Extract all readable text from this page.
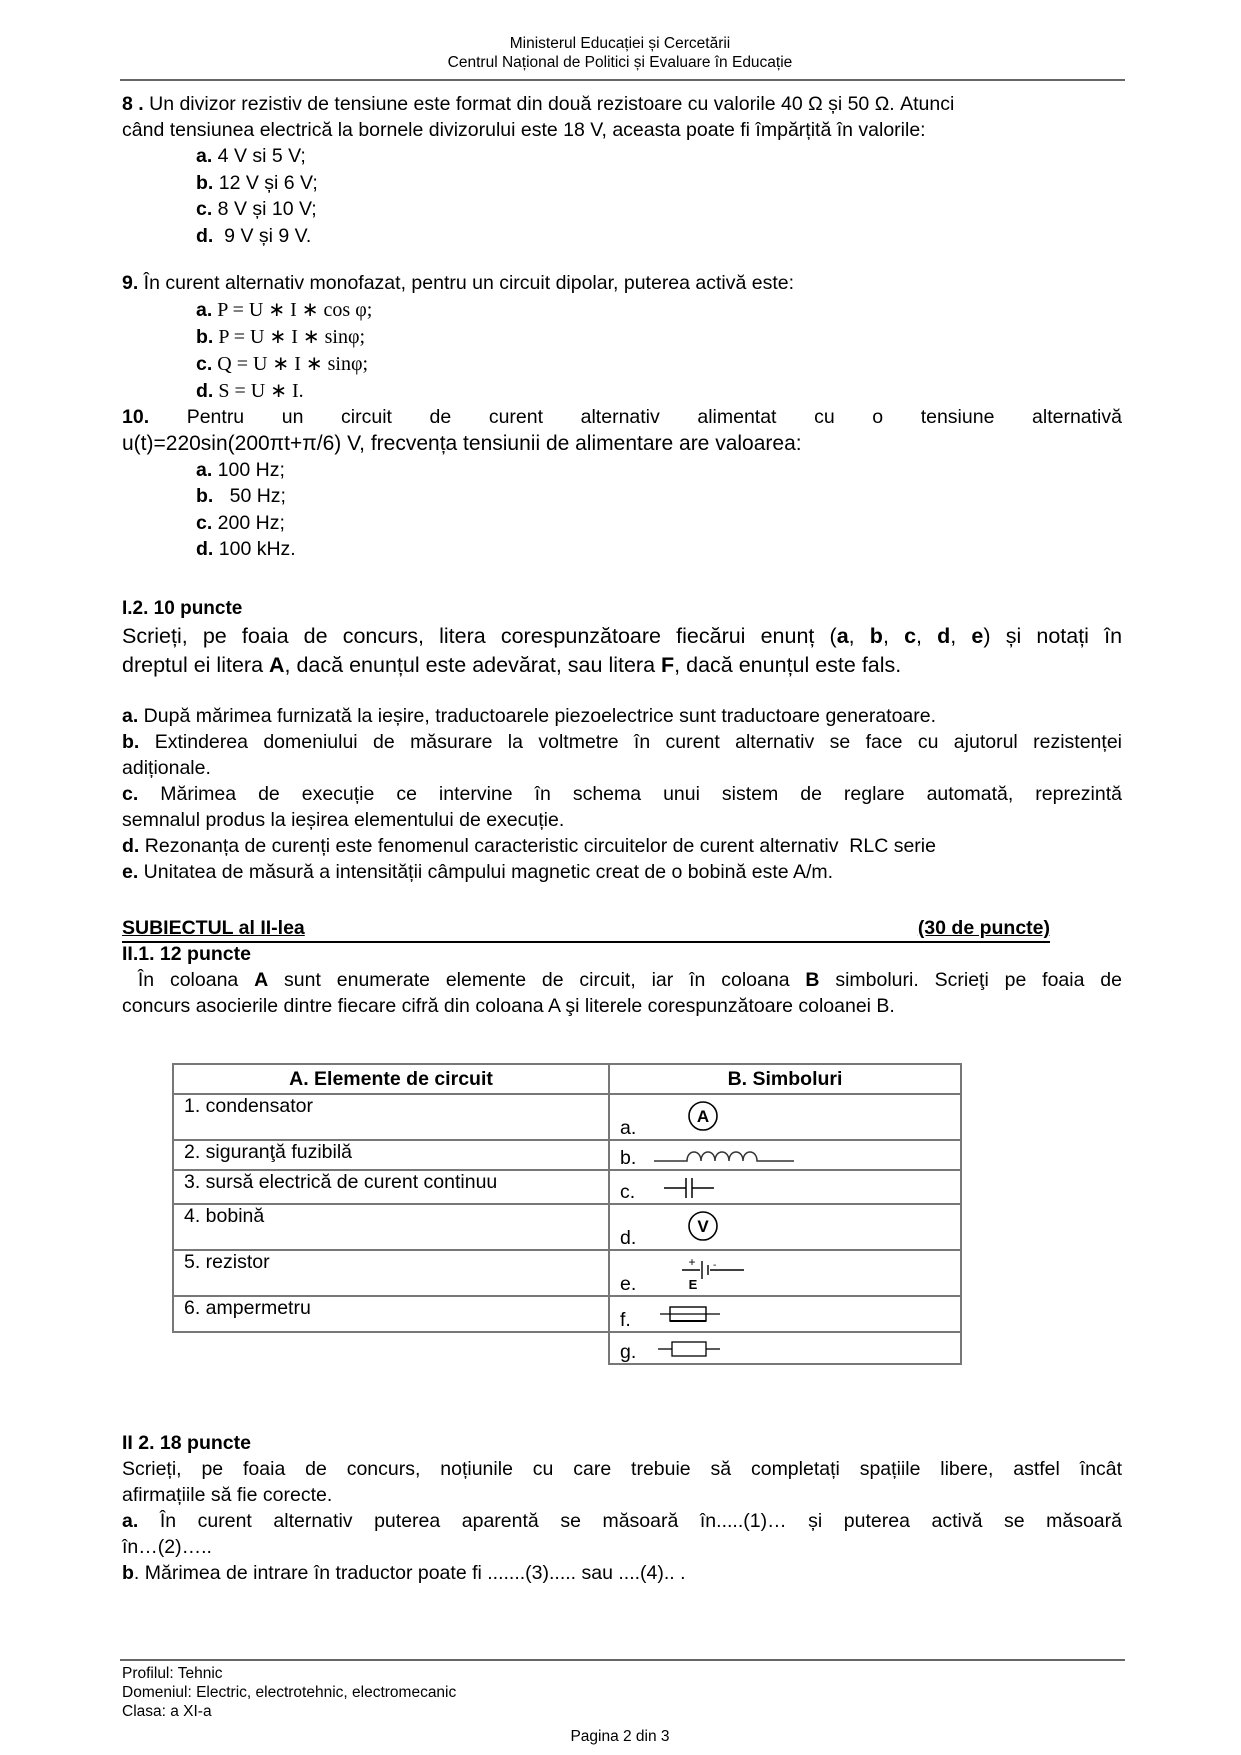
Ministerul Educației și Cercetării
Centrul Național de Politici și Evaluare în Educație
8 . Un divizor rezistiv de tensiune este format din două rezistoare cu valorile 40 Ω și 50 Ω. Atunci
când tensiunea electrică la bornele divizorului este 18 V, aceasta poate fi împărțită în valorile:
a. 4 V si 5 V;
b. 12 V și 6 V;
c. 8 V și 10 V;
d.  9 V și 9 V.
9. În curent alternativ monofazat, pentru un circuit dipolar, puterea activă este:
a. P = U ∗ I ∗ cos φ;
b. P = U ∗ I ∗ sinφ;
c. Q = U ∗ I ∗ sinφ;
d. S = U ∗ I.
10. Pentru un circuit de curent alternativ alimentat cu o tensiune alternativă
u(t)=220sin(200πt+π/6) V, frecvența tensiunii de alimentare are valoarea:
a. 100 Hz;
b.   50 Hz;
c. 200 Hz;
d. 100 kHz.
I.2. 10 puncte
Scrieți, pe foaia de concurs, litera corespunzătoare fiecărui enunț (a, b, c, d, e) și notați în
dreptul ei litera A, dacă enunțul este adevărat, sau litera F, dacă enunțul este fals.
a. După mărimea furnizată la ieșire, traductoarele piezoelectrice sunt traductoare generatoare.
b. Extinderea domeniului de măsurare la voltmetre în curent alternativ se face cu ajutorul rezistenței
adiționale.
c. Mărimea de execuție ce intervine în schema unui sistem de reglare automată, reprezintă
semnalul produs la ieșirea elementului de execuție.
d. Rezonanța de curenți este fenomenul caracteristic circuitelor de curent alternativ  RLC serie
e. Unitatea de măsură a intensității câmpului magnetic creat de o bobină este A/m.
SUBIECTUL al II-lea	(30 de puncte)
II.1. 12 puncte
În coloana A sunt enumerate elemente de circuit, iar în coloana B simboluri. Scrieţi pe foaia de
concurs asocierile dintre fiecare cifră din coloana A şi literele corespunzătoare coloanei B.
A. Elemente de circuit	B. Simboluri
1. condensator	a.
A

2. siguranţă fuzibilă	b.

3. sursă electrică de curent continuu	c.

4. bobină	d.
V

5. rezistor	e.
+ -
E

6. ampermetru	f.

	g.
II 2. 18 puncte
Scrieți, pe foaia de concurs, noțiunile cu care trebuie să completați spațiile libere, astfel încât
afirmațiile să fie corecte.
a. În curent alternativ puterea aparentă se măsoară în.....(1)… și puterea activă se măsoară
în…(2)…..
b. Mărimea de intrare în traductor poate fi .......(3)..... sau ....(4).. .
Profilul: Tehnic
Domeniul: Electric, electrotehnic, electromecanic
Clasa: a XI-a
Pagina 2 din 3
